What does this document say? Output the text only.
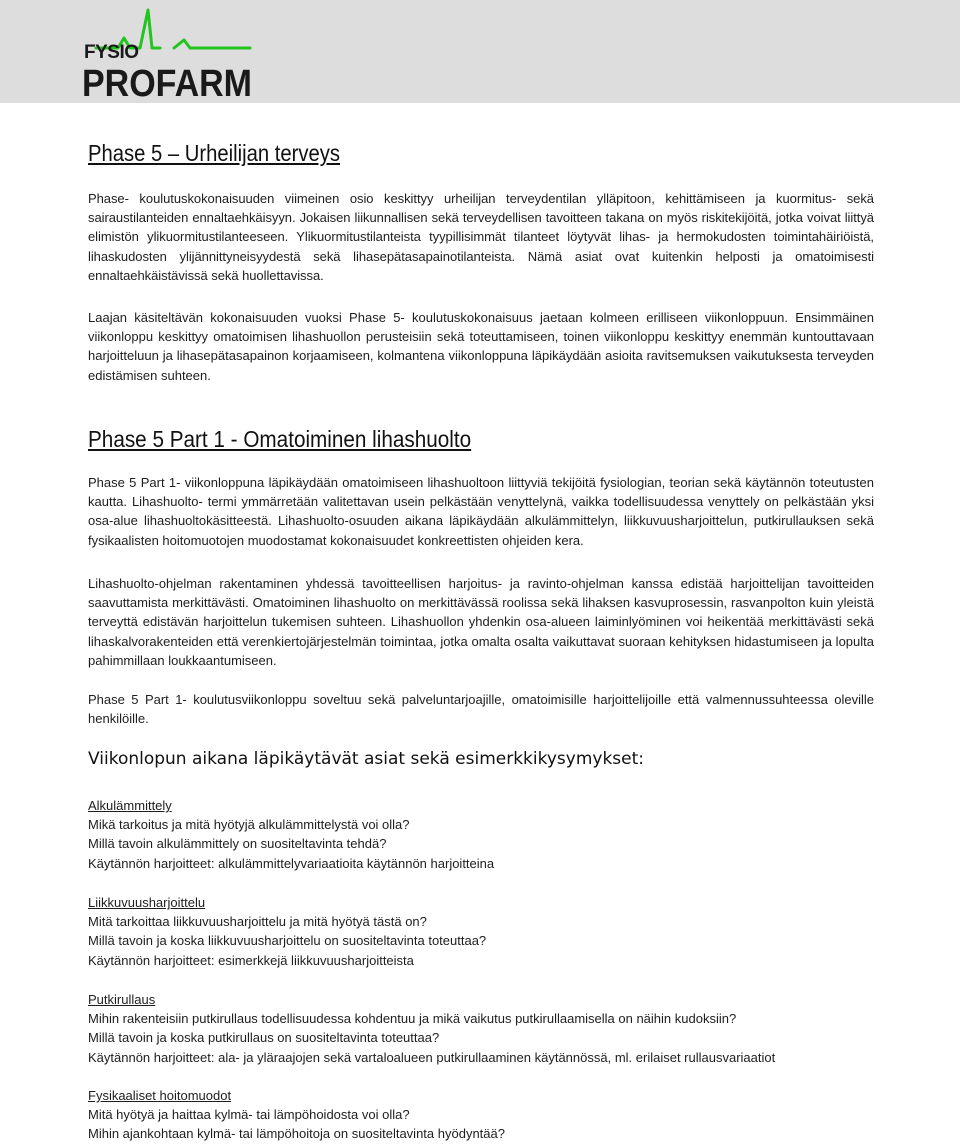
FYSIO
PROFARM
Phase 5 – Urheilijan terveys

Phase- koulutuskokonaisuuden viimeinen osio keskittyy urheilijan terveydentilan ylläpitoon, kehittämiseen ja kuormitus- sekä sairaustilanteiden ennaltaehkäisyyn. Jokaisen liikunnallisen sekä terveydellisen tavoitteen takana on myös riskitekijöitä, jotka voivat liittyä elimistön ylikuormitustilanteeseen. Ylikuormitustilanteista tyypillisimmät tilanteet löytyvät lihas- ja hermokudosten toimintahäiriöistä, lihaskudosten ylijännittyneisyydestä sekä lihasepätasapainotilanteista. Nämä asiat ovat kuitenkin helposti ja omatoimisesti ennaltaehkäistävissä sekä huollettavissa.

Laajan käsiteltävän kokonaisuuden vuoksi Phase 5- koulutuskokonaisuus jaetaan kolmeen erilliseen viikonloppuun. Ensimmäinen viikonloppu keskittyy omatoimisen lihashuollon perusteisiin sekä toteuttamiseen, toinen viikonloppu keskittyy enemmän kuntouttavaan harjoitteluun ja lihasepätasapainon korjaamiseen, kolmantena viikonloppuna läpikäydään asioita ravitsemuksen vaikutuksesta terveyden edistämisen suhteen.

Phase 5 Part 1 - Omatoiminen lihashuolto

Phase 5 Part 1- viikonloppuna läpikäydään omatoimiseen lihashuoltoon liittyviä tekijöitä fysiologian, teorian sekä käytännön toteutusten kautta. Lihashuolto- termi ymmärretään valitettavan usein pelkästään venyttelynä, vaikka todellisuudessa venyttely on pelkästään yksi osa-alue lihashuoltokäsitteestä. Lihashuolto-osuuden aikana läpikäydään alkulämmittelyn, liikkuvuusharjoittelun, putkirullauksen sekä fysikaalisten hoitomuotojen muodostamat kokonaisuudet konkreettisten ohjeiden kera.

Lihashuolto-ohjelman rakentaminen yhdessä tavoitteellisen harjoitus- ja ravinto-ohjelman kanssa edistää harjoittelijan tavoitteiden saavuttamista merkittävästi. Omatoiminen lihashuolto on merkittävässä roolissa sekä lihaksen kasvuprosessin, rasvanpolton kuin yleistä terveyttä edistävän harjoittelun tukemisen suhteen. Lihashuollon yhdenkin osa-alueen laiminlyöminen voi heikentää merkittävästi sekä lihaskalvorakenteiden että verenkiertojärjestelmän toimintaa, jotka omalta osalta vaikuttavat suoraan kehityksen hidastumiseen ja lopulta pahimmillaan loukkaantumiseen.

Phase 5 Part 1- koulutusviikonloppu soveltuu sekä palveluntarjoajille, omatoimisille harjoittelijoille että valmennussuhteessa oleville henkilöille.

Viikonlopun aikana läpikäytävät asiat sekä esimerkkikysymykset:
Alkulämmittely
Mikä tarkoitus ja mitä hyötyjä alkulämmittelystä voi olla?
Millä tavoin alkulämmittely on suositeltavinta tehdä?
Käytännön harjoitteet: alkulämmittelyvariaatioita käytännön harjoitteina
Liikkuvuusharjoittelu
Mitä tarkoittaa liikkuvuusharjoittelu ja mitä hyötyä tästä on?
Millä tavoin ja koska liikkuvuusharjoittelu on suositeltavinta toteuttaa?
Käytännön harjoitteet: esimerkkejä liikkuvuusharjoitteista
Putkirullaus
Mihin rakenteisiin putkirullaus todellisuudessa kohdentuu ja mikä vaikutus putkirullaamisella on näihin kudoksiin?
Millä tavoin ja koska putkirullaus on suositeltavinta toteuttaa?
Käytännön harjoitteet: ala- ja yläraajojen sekä vartaloalueen putkirullaaminen käytännössä, ml. erilaiset rullausvariaatiot
Fysikaaliset hoitomuodot
Mitä hyötyä ja haittaa kylmä- tai lämpöhoidosta voi olla?
Mihin ajankohtaan kylmä- tai lämpöhoitoja on suositeltavinta hyödyntää?
